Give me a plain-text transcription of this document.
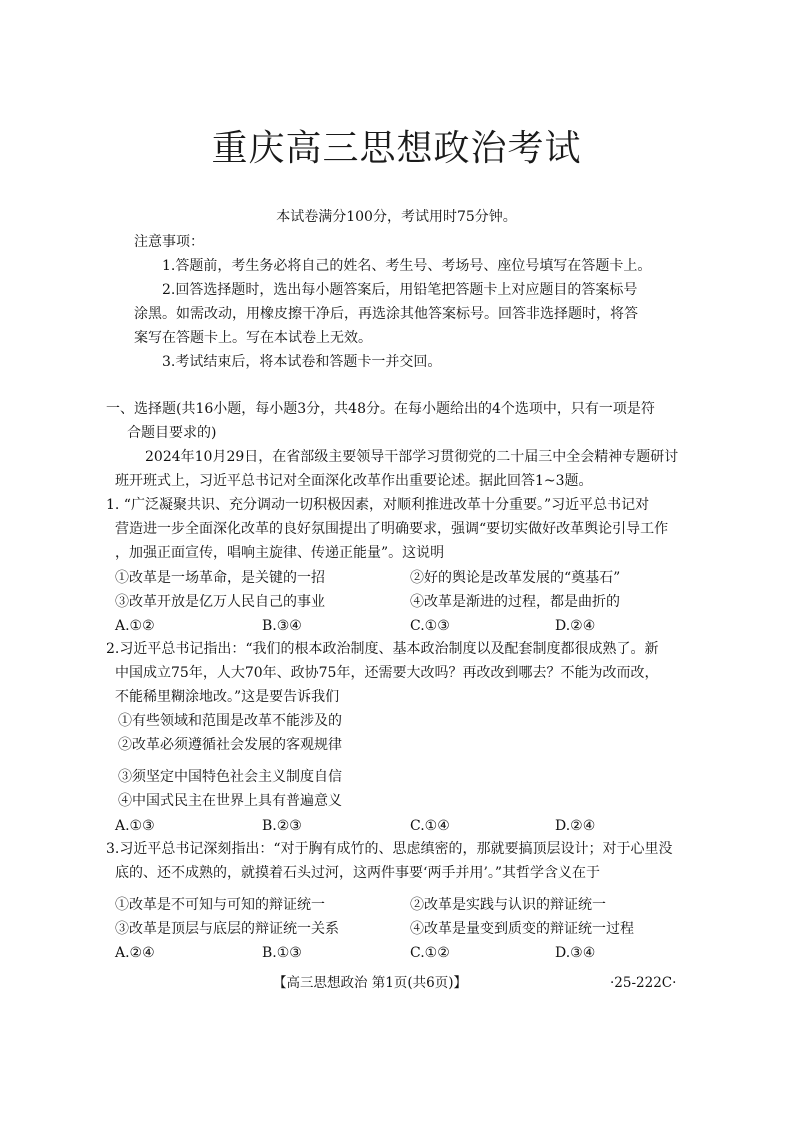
重庆高三思想政治考试
本试卷满分100分，考试用时75分钟。
注意事项：
1.答题前，考生务必将自己的姓名、考生号、考场号、座位号填写在答题卡上。
2.回答选择题时，选出每小题答案后，用铅笔把答题卡上对应题目的答案标号
涂黑。如需改动，用橡皮擦干净后，再选涂其他答案标号。回答非选择题时，将答
案写在答题卡上。写在本试卷上无效。
3.考试结束后，将本试卷和答题卡一并交回。
一、选择题(共16小题，每小题3分，共48分。在每小题给出的4个选项中，只有一项是符
合题目要求的)
2024年10月29日，在省部级主要领导干部学习贯彻党的二十届三中全会精神专题研讨
班开班式上，习近平总书记对全面深化改革作出重要论述。据此回答1~3题。
1. “广泛凝聚共识、充分调动一切积极因素，对顺利推进改革十分重要。”习近平总书记对
营造进一步全面深化改革的良好氛围提出了明确要求，强调“要切实做好改革舆论引导工作
，加强正面宣传，唱响主旋律、传递正能量”。这说明
①改革是一场革命，是关键的一招	②好的舆论是改革发展的“奠基石”
③改革开放是亿万人民自己的事业	④改革是渐进的过程，都是曲折的
A.①②	B.③④	C.①③	D.②④
2.习近平总书记指出：“我们的根本政治制度、基本政治制度以及配套制度都很成熟了。新
中国成立75年，人大70年、政协75年，还需要大改吗？再改改到哪去？不能为改而改，
不能稀里糊涂地改。”这是要告诉我们
①有些领域和范围是改革不能涉及的
②改革必须遵循社会发展的客观规律
③须坚定中国特色社会主义制度自信
④中国式民主在世界上具有普遍意义
A.①③	B.②③	C.①④	D.②④
3.习近平总书记深刻指出：“对于胸有成竹的、思虑缜密的，那就要搞顶层设计；对于心里没
底的、还不成熟的，就摸着石头过河，这两件事要‘两手并用’。”其哲学含义在于
①改革是不可知与可知的辩证统一	②改革是实践与认识的辩证统一
③改革是顶层与底层的辩证统一关系	④改革是量变到质变的辩证统一过程
A.②④	B.①③	C.①②	D.③④
【高三思想政治 第1页(共6页)】	·25-222C·
